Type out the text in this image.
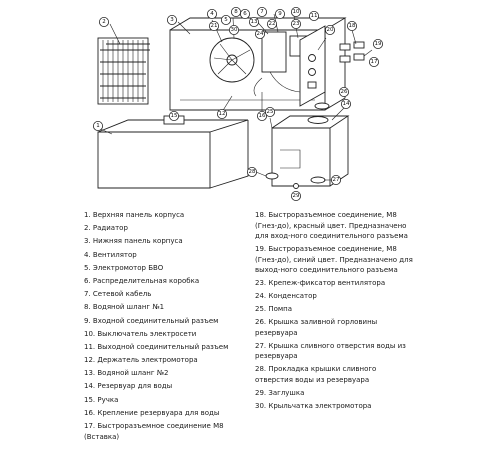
1
2	3
4
5
6 7
8	9 10
11
12
13
14
15	16
17
18
19
20
21	22	23
24
25
26
27
28
29
30
1. Верхняя панель корпуса
2. Радиатор
3. Нижняя панель корпуса
4. Вентилятор
5. Электромотор БВО
6. Распределительная коробка
7. Сетевой кабель
8. Водяной шланг №1
9. Входной соединительный разъем
10. Выключатель электросети
11. Выходной соединительный разъем
12. Держатель электромотора
13. Водяной шланг №2
14. Резервуар для воды
15. Ручка
16. Крепление резервуара для воды
17. Быстроразъемное соединение М8 (Вставка)
18. Быстроразъемное соединение, М8 (Гнез-до), красный цвет. Предназначено для вход-ного соединительного разъема
19. Быстроразъемное соединение, М8 (Гнез-до), синий цвет. Предназначено для выход-ного соединительного разъема
23. Крепеж-фиксатор вентилятора
24. Конденсатор
25. Помпа
26. Крышка заливной горловины резервуара
27. Крышка сливного отверстия воды из резервуара
28. Прокладка крышки сливного отверстия воды из резервуара
29. Заглушка
30. Крыльчатка электромотора
